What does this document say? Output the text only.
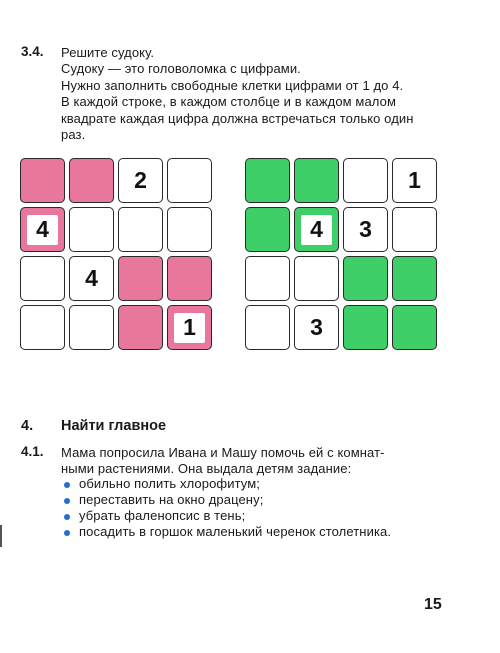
3.4. Решите судоку.
Судоку — это головоломка с цифрами.
Нужно заполнить свободные клетки цифрами от 1 до 4.
В каждой строке, в каждом столбце и в каждом малом
квадрате каждая цифра должна встречаться только один
раз.
2
4
4
1
1
4	3
3
4. Найти главное
4.1. Мама попросила Ивана и Машу помочь ей с комнат-
ными растениями. Она выдала детям задание:
обильно полить хлорофитум;
переставить на окно драцену;
убрать фаленопсис в тень;
посадить в горшок маленький черенок столетника.
15
